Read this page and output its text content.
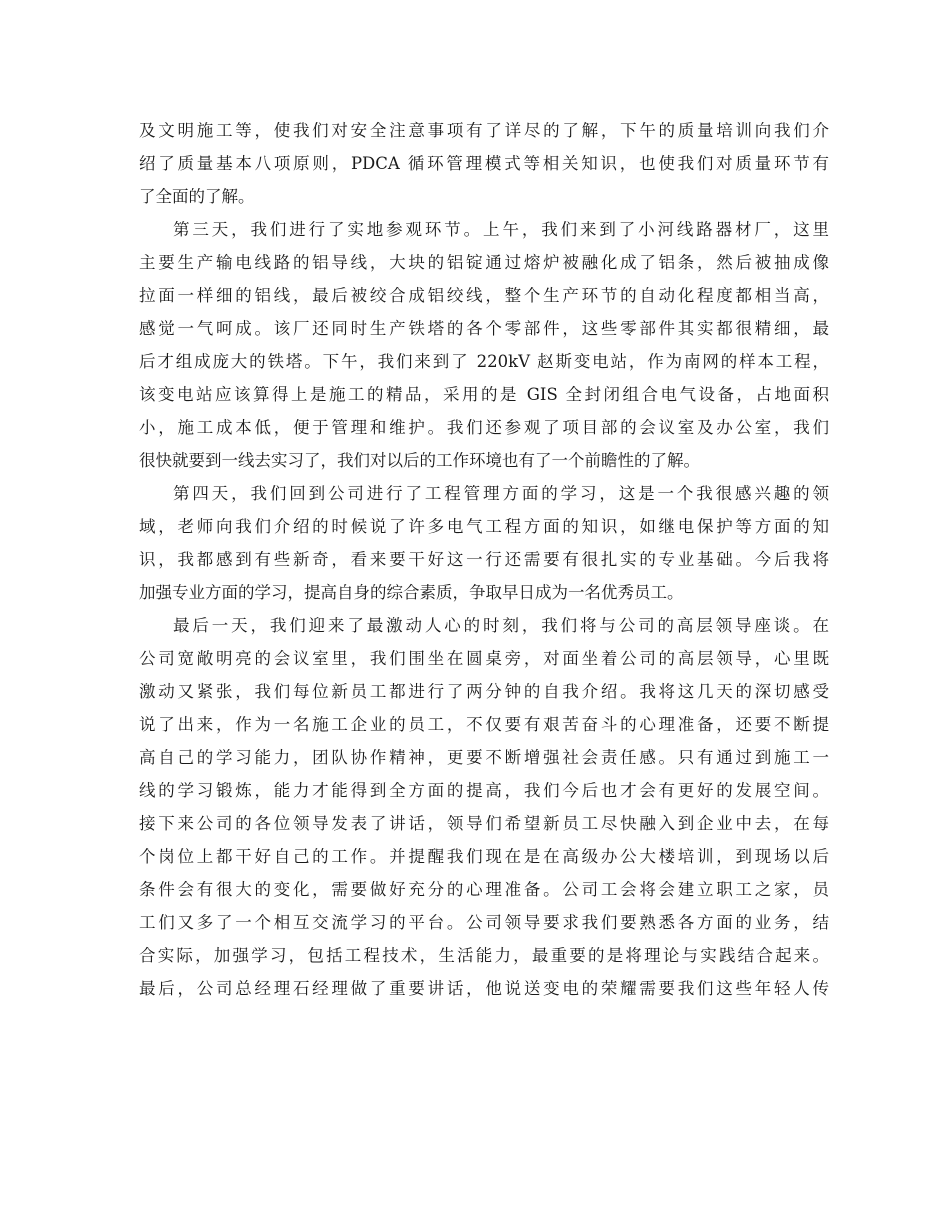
及文明施工等，使我们对安全注意事项有了详尽的了解，下午的质量培训向我们介
绍了质量基本八项原则，PDCA 循环管理模式等相关知识，也使我们对质量环节有
了全面的了解。
第三天，我们进行了实地参观环节。上午，我们来到了小河线路器材厂，这里
主要生产输电线路的铝导线，大块的铝锭通过熔炉被融化成了铝条，然后被抽成像
拉面一样细的铝线，最后被绞合成铝绞线，整个生产环节的自动化程度都相当高，
感觉一气呵成。该厂还同时生产铁塔的各个零部件，这些零部件其实都很精细，最
后才组成庞大的铁塔。下午，我们来到了 220kV 赵斯变电站，作为南网的样本工程，
该变电站应该算得上是施工的精品，采用的是 GIS 全封闭组合电气设备，占地面积
小，施工成本低，便于管理和维护。我们还参观了项目部的会议室及办公室，我们
很快就要到一线去实习了，我们对以后的工作环境也有了一个前瞻性的了解。
第四天，我们回到公司进行了工程管理方面的学习，这是一个我很感兴趣的领
域，老师向我们介绍的时候说了许多电气工程方面的知识，如继电保护等方面的知
识，我都感到有些新奇，看来要干好这一行还需要有很扎实的专业基础。今后我将
加强专业方面的学习，提高自身的综合素质，争取早日成为一名优秀员工。
最后一天，我们迎来了最激动人心的时刻，我们将与公司的高层领导座谈。在
公司宽敞明亮的会议室里，我们围坐在圆桌旁，对面坐着公司的高层领导，心里既
激动又紧张，我们每位新员工都进行了两分钟的自我介绍。我将这几天的深切感受
说了出来，作为一名施工企业的员工，不仅要有艰苦奋斗的心理准备，还要不断提
高自己的学习能力，团队协作精神，更要不断增强社会责任感。只有通过到施工一
线的学习锻炼，能力才能得到全方面的提高，我们今后也才会有更好的发展空间。
接下来公司的各位领导发表了讲话，领导们希望新员工尽快融入到企业中去，在每
个岗位上都干好自己的工作。并提醒我们现在是在高级办公大楼培训，到现场以后
条件会有很大的变化，需要做好充分的心理准备。公司工会将会建立职工之家，员
工们又多了一个相互交流学习的平台。公司领导要求我们要熟悉各方面的业务，结
合实际，加强学习，包括工程技术，生活能力，最重要的是将理论与实践结合起来。
最后，公司总经理石经理做了重要讲话，他说送变电的荣耀需要我们这些年轻人传
